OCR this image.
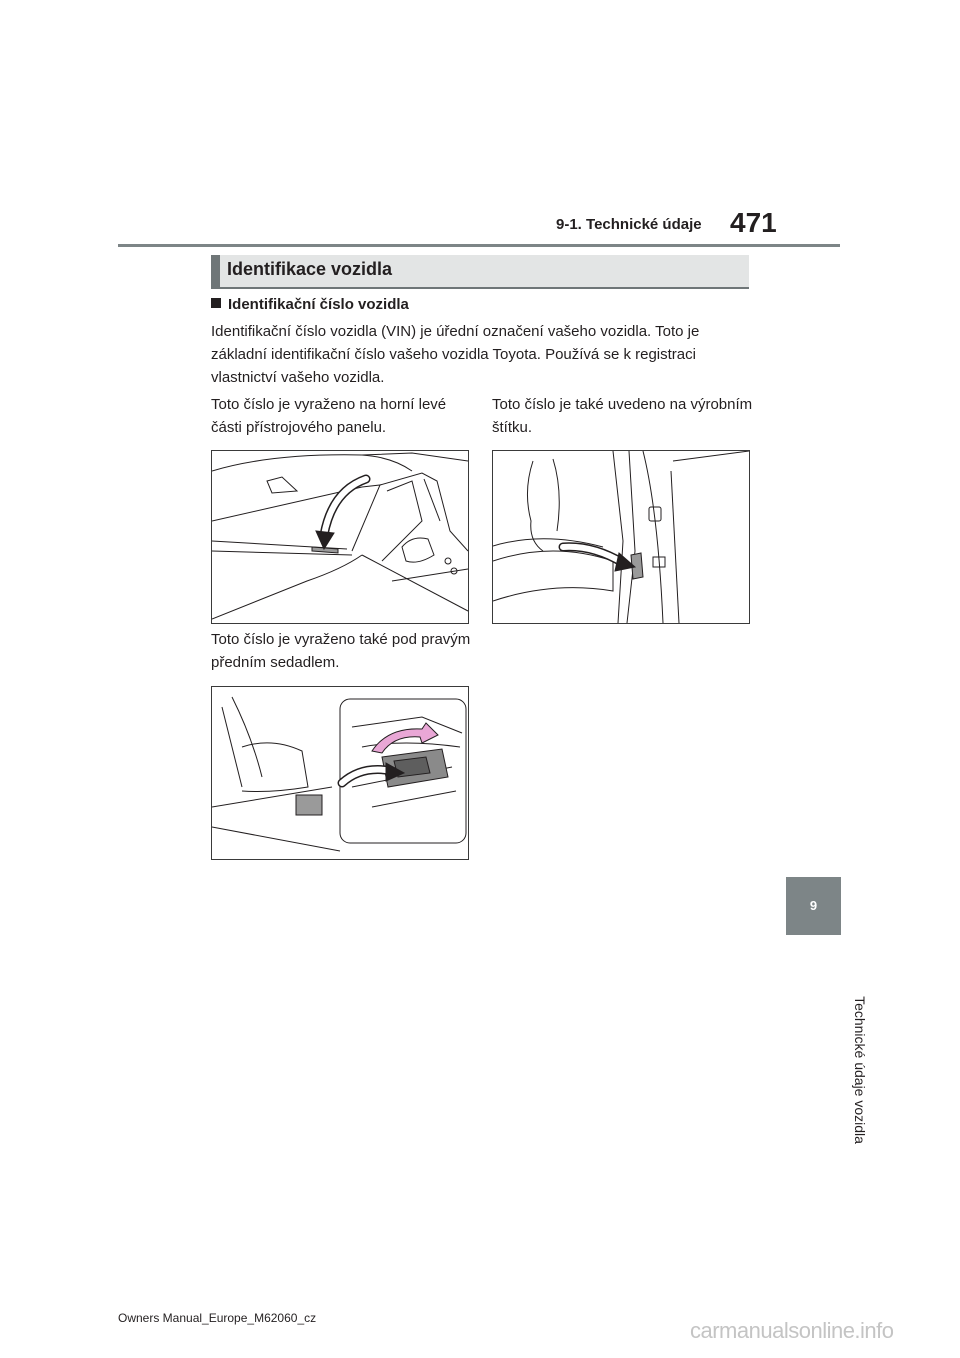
9-1. Technické údaje 471
Identifikace vozidla
Identifikační číslo vozidla
Identifikační číslo vozidla (VIN) je úřední označení vašeho vozidla. Toto je základní identifikační číslo vašeho vozidla Toyota. Používá se k registraci vlastnictví vašeho vozidla.
Toto číslo je vyraženo na horní levé části přístrojového panelu.
Toto číslo je také uvedeno na výrobním štítku.
Toto číslo je vyraženo také pod pravým předním sedadlem.
9
Technické údaje vozidla
Owners Manual_Europe_M62060_cz	carmanualsonline.info
